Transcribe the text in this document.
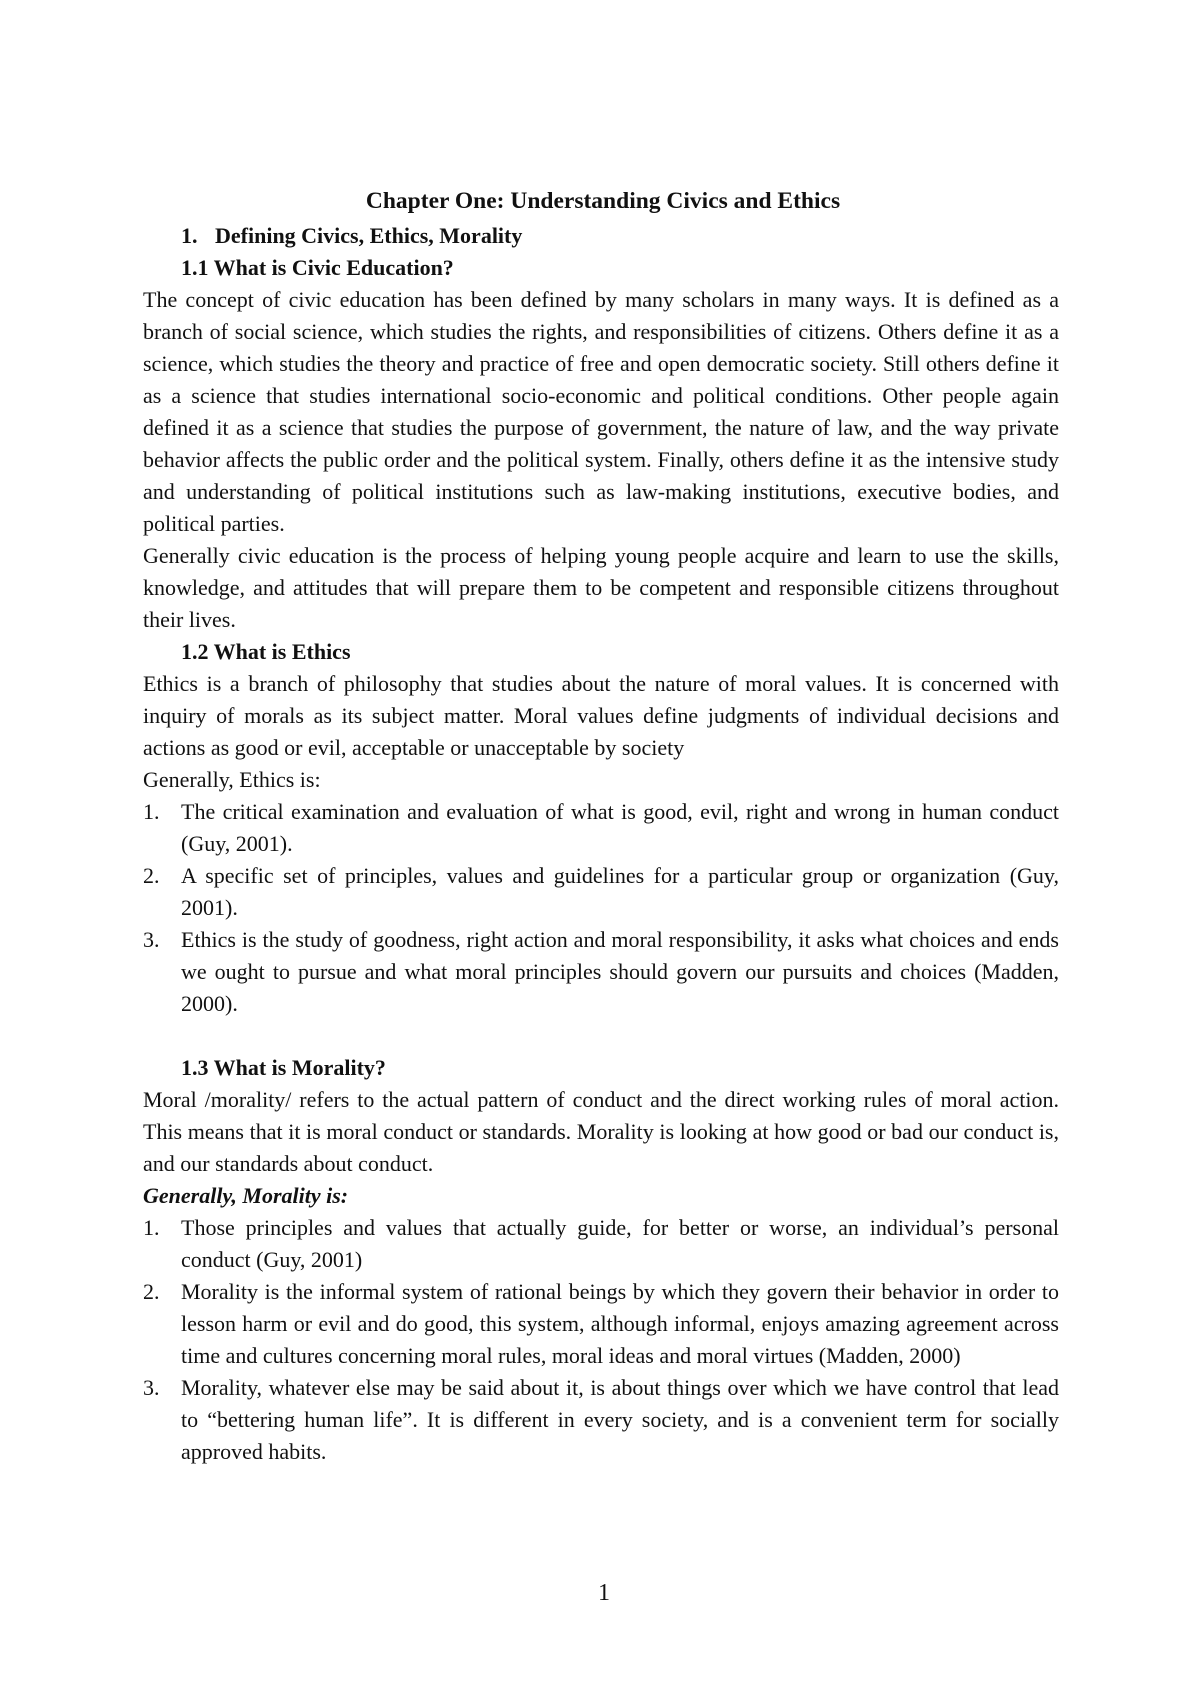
Chapter One: Understanding Civics and Ethics

1. Defining Civics, Ethics, Morality

1.1 What is Civic Education?

The concept of civic education has been defined by many scholars in many ways. It is defined as a branch of social science, which studies the rights, and responsibilities of citizens. Others define it as a science, which studies the theory and practice of free and open democratic society. Still others define it as a science that studies international socio-economic and political conditions. Other people again defined it as a science that studies the purpose of government, the nature of law, and the way private behavior affects the public order and the political system. Finally, others define it as the intensive study and understanding of political institutions such as law-making institutions, executive bodies, and political parties.

Generally civic education is the process of helping young people acquire and learn to use the skills, knowledge, and attitudes that will prepare them to be competent and responsible citizens throughout their lives.

1.2 What is Ethics

Ethics is a branch of philosophy that studies about the nature of moral values. It is concerned with inquiry of morals as its subject matter. Moral values define judgments of individual decisions and actions as good or evil, acceptable or unacceptable by society

Generally, Ethics is:

1. The critical examination and evaluation of what is good, evil, right and wrong in human conduct (Guy, 2001).
2. A specific set of principles, values and guidelines for a particular group or organization (Guy, 2001).
3. Ethics is the study of goodness, right action and moral responsibility, it asks what choices and ends we ought to pursue and what moral principles should govern our pursuits and choices (Madden, 2000).

1.3 What is Morality?

Moral /morality/ refers to the actual pattern of conduct and the direct working rules of moral action. This means that it is moral conduct or standards. Morality is looking at how good or bad our conduct is, and our standards about conduct.

Generally, Morality is:

1. Those principles and values that actually guide, for better or worse, an individual’s personal conduct (Guy, 2001)
2. Morality is the informal system of rational beings by which they govern their behavior in order to lesson harm or evil and do good, this system, although informal, enjoys amazing agreement across time and cultures concerning moral rules, moral ideas and moral virtues (Madden, 2000)
3. Morality, whatever else may be said about it, is about things over which we have control that lead to “bettering human life”. It is different in every society, and is a convenient term for socially approved habits.
1
